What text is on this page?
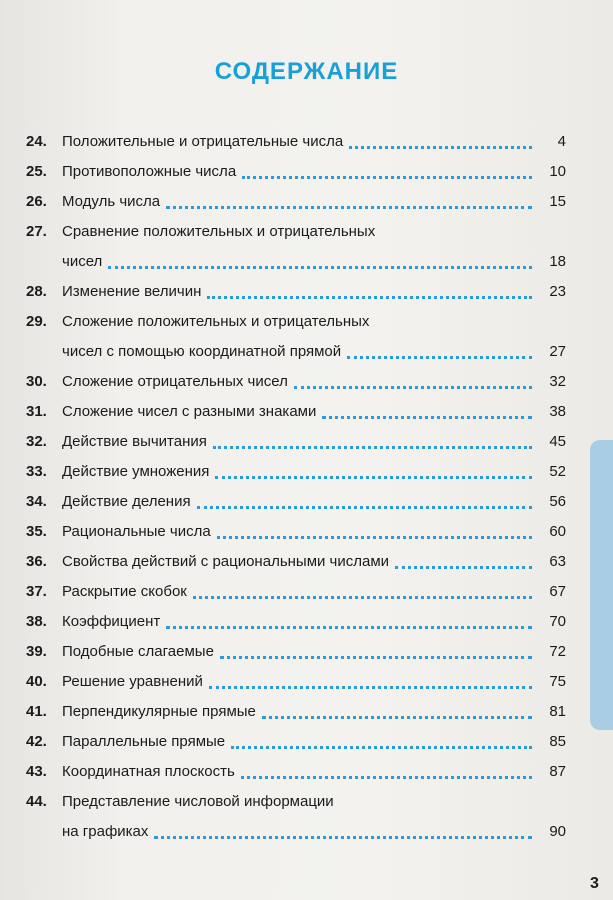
СОДЕРЖАНИЕ
24.	Положительные и отрицательные числа	4
25.	Противоположные числа	10
26.	Модуль числа	15
27.	Сравнение положительных и отрицательных
чисел	18
28.	Изменение величин	23
29.	Сложение положительных и отрицательных
чисел с помощью координатной прямой	27
30.	Сложение отрицательных чисел	32
31.	Сложение чисел с разными знаками	38
32.	Действие вычитания	45
33.	Действие умножения	52
34.	Действие деления	56
35.	Рациональные числа	60
36.	Свойства действий с рациональными числами	63
37.	Раскрытие скобок	67
38.	Коэффициент	70
39.	Подобные слагаемые	72
40.	Решение уравнений	75
41.	Перпендикулярные прямые	81
42.	Параллельные прямые	85
43.	Координатная плоскость	87
44.	Представление числовой информации
на графиках	90
3
